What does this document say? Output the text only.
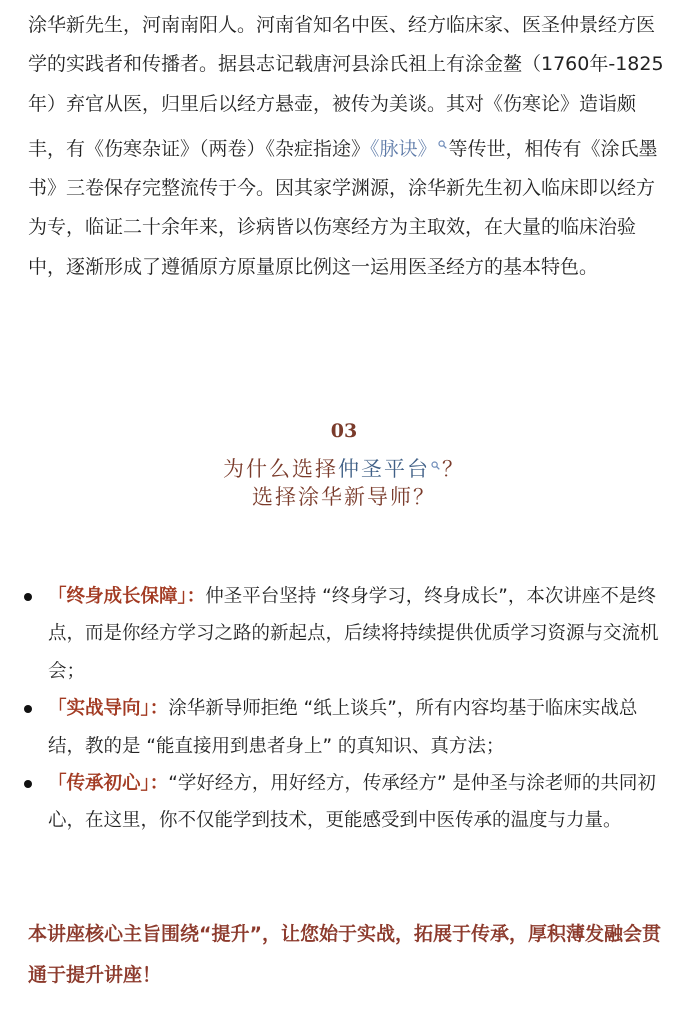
涂华新先生，河南南阳人。河南省知名中医、经方临床家、医圣仲景经方医学的实践者和传播者。据县志记载唐河县涂氏祖上有涂金鳌（1760年-1825年）弃官从医，归里后以经方悬壶，被传为美谈。其对《伤寒论》造诣颇丰，有《伤寒杂证》（两卷）《杂症指途》《脉诀》 等传世，相传有《涂氏墨书》三卷保存完整流传于今。因其家学渊源，涂华新先生初入临床即以经方为专，临证二十余年来，诊病皆以伤寒经方为主取效，在大量的临床治验中，逐渐形成了遵循原方原量原比例这一运用医圣经方的基本特色。

03
为什么选择仲圣平台 ？
选择涂华新导师？
「终身成长保障」：仲圣平台坚持 “终身学习，终身成长”，本次讲座不是终点，而是你经方学习之路的新起点，后续将持续提供优质学习资源与交流机会；
「实战导向」：涂华新导师拒绝 “纸上谈兵”，所有内容均基于临床实战总结，教的是 “能直接用到患者身上” 的真知识、真方法；
「传承初心」：“学好经方，用好经方，传承经方” 是仲圣与涂老师的共同初心，在这里，你不仅能学到技术，更能感受到中医传承的温度与力量。

本讲座核心主旨围绕“提升”，让您始于实战，拓展于传承，厚积薄发融会贯通于提升讲座！
